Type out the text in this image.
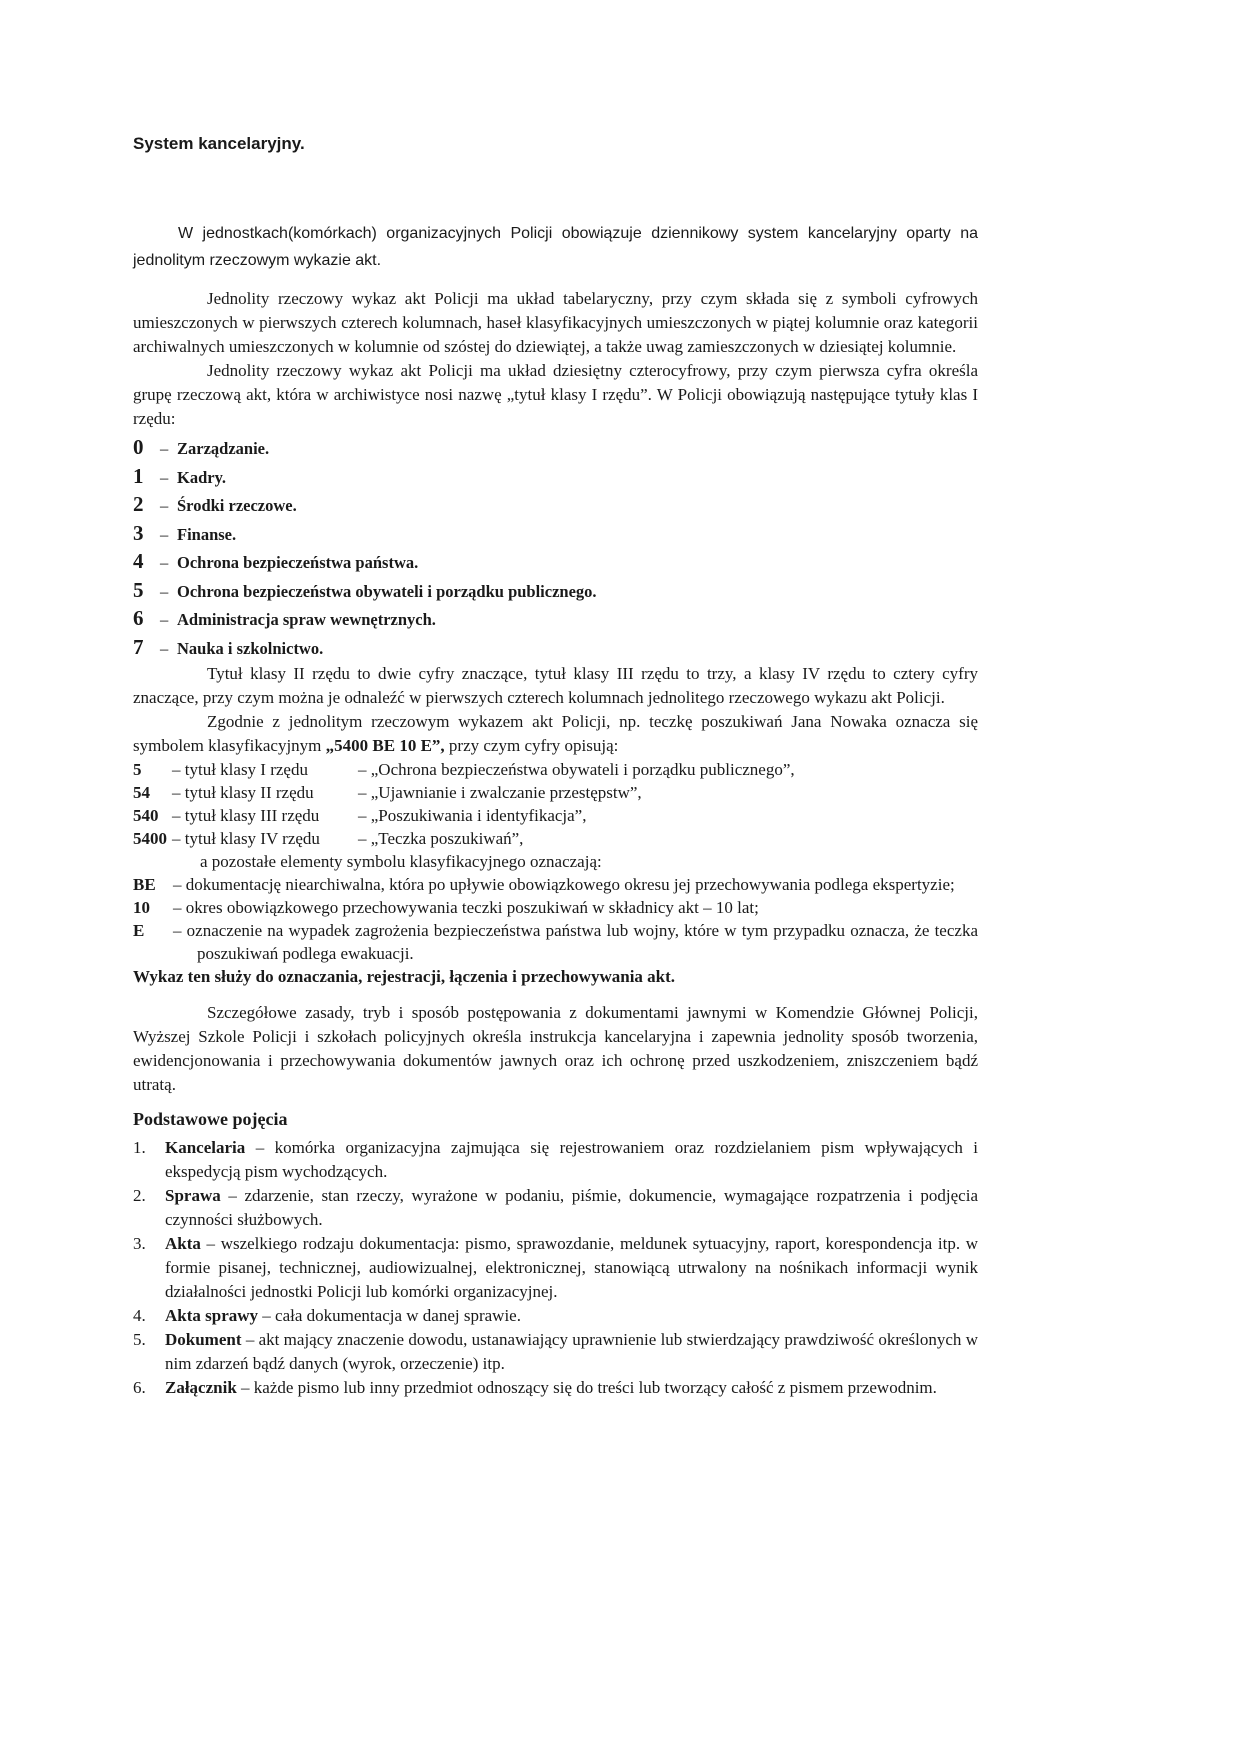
System kancelaryjny.

W jednostkach(komórkach) organizacyjnych Policji obowiązuje dziennikowy system kancelaryjny oparty na jednolitym rzeczowym wykazie akt.

Jednolity rzeczowy wykaz akt Policji ma układ tabelaryczny, przy czym składa się z symboli cyfrowych umieszczonych w pierwszych czterech kolumnach, haseł klasyfikacyjnych umieszczonych w piątej kolumnie oraz kategorii archiwalnych umieszczonych w kolumnie od szóstej do dziewiątej, a także uwag zamieszczonych w dziesiątej kolumnie.

Jednolity rzeczowy wykaz akt Policji ma układ dziesiętny czterocyfrowy, przy czym pierwsza cyfra określa grupę rzeczową akt, która w archiwistyce nosi nazwę „tytuł klasy I rzędu”. W Policji obowiązują następujące tytuły klas I rzędu:

0	– Zarządzanie.
1	– Kadry.
2	– Środki rzeczowe.
3	– Finanse.
4	– Ochrona bezpieczeństwa państwa.
5	– Ochrona bezpieczeństwa obywateli i porządku publicznego.
6	– Administracja spraw wewnętrznych.
7	– Nauka i szkolnictwo.

Tytuł klasy II rzędu to dwie cyfry znaczące, tytuł klasy III rzędu to trzy, a klasy IV rzędu to cztery cyfry znaczące, przy czym można je odnaleźć w pierwszych czterech kolumnach jednolitego rzeczowego wykazu akt Policji.

Zgodnie z jednolitym rzeczowym wykazem akt Policji, np. teczkę poszukiwań Jana Nowaka oznacza się symbolem klasyfikacyjnym „5400 BE 10 E”, przy czym cyfry opisują:

5	– tytuł klasy I rzędu	– „Ochrona bezpieczeństwa obywateli i porządku publicznego”,
54	– tytuł klasy II rzędu	– „Ujawnianie i zwalczanie przestępstw”,
540 – tytuł klasy III rzędu	– „Poszukiwania i identyfikacja”,
5400 – tytuł klasy IV rzędu	– „Teczka poszukiwań”,

a pozostałe elementy symbolu klasyfikacyjnego oznaczają:

BE	– dokumentację niearchiwalna, która po upływie obowiązkowego okresu jej przechowywania podlega ekspertyzie;
10	– okres obowiązkowego przechowywania teczki poszukiwań w składnicy akt – 10 lat;
E	– oznaczenie na wypadek zagrożenia bezpieczeństwa państwa lub wojny, które w tym przypadku oznacza, że teczka poszukiwań podlega ewakuacji.

Wykaz ten służy do oznaczania, rejestracji, łączenia i przechowywania akt.

Szczegółowe zasady, tryb i sposób postępowania z dokumentami jawnymi w Komendzie Głównej Policji, Wyższej Szkole Policji i szkołach policyjnych określa instrukcja kancelaryjna i zapewnia jednolity sposób tworzenia, ewidencjonowania i przechowywania dokumentów jawnych oraz ich ochronę przed uszkodzeniem, zniszczeniem bądź utratą.

Podstawowe pojęcia
1.	Kancelaria – komórka organizacyjna zajmująca się rejestrowaniem oraz rozdzielaniem pism wpływających i ekspedycją pism wychodzących.
2.	Sprawa – zdarzenie, stan rzeczy, wyrażone w podaniu, piśmie, dokumencie, wymagające rozpatrzenia i podjęcia czynności służbowych.
3.	Akta – wszelkiego rodzaju dokumentacja: pismo, sprawozdanie, meldunek sytuacyjny, raport, korespondencja itp. w formie pisanej, technicznej, audiowizualnej, elektronicznej, stanowiącą utrwalony na nośnikach informacji wynik działalności jednostki Policji lub komórki organizacyjnej.
4.	Akta sprawy – cała dokumentacja w danej sprawie.
5.	Dokument – akt mający znaczenie dowodu, ustanawiający uprawnienie lub stwierdzający prawdziwość określonych w nim zdarzeń bądź danych (wyrok, orzeczenie) itp.
6.	Załącznik – każde pismo lub inny przedmiot odnoszący się do treści lub tworzący całość z pismem przewodnim.
